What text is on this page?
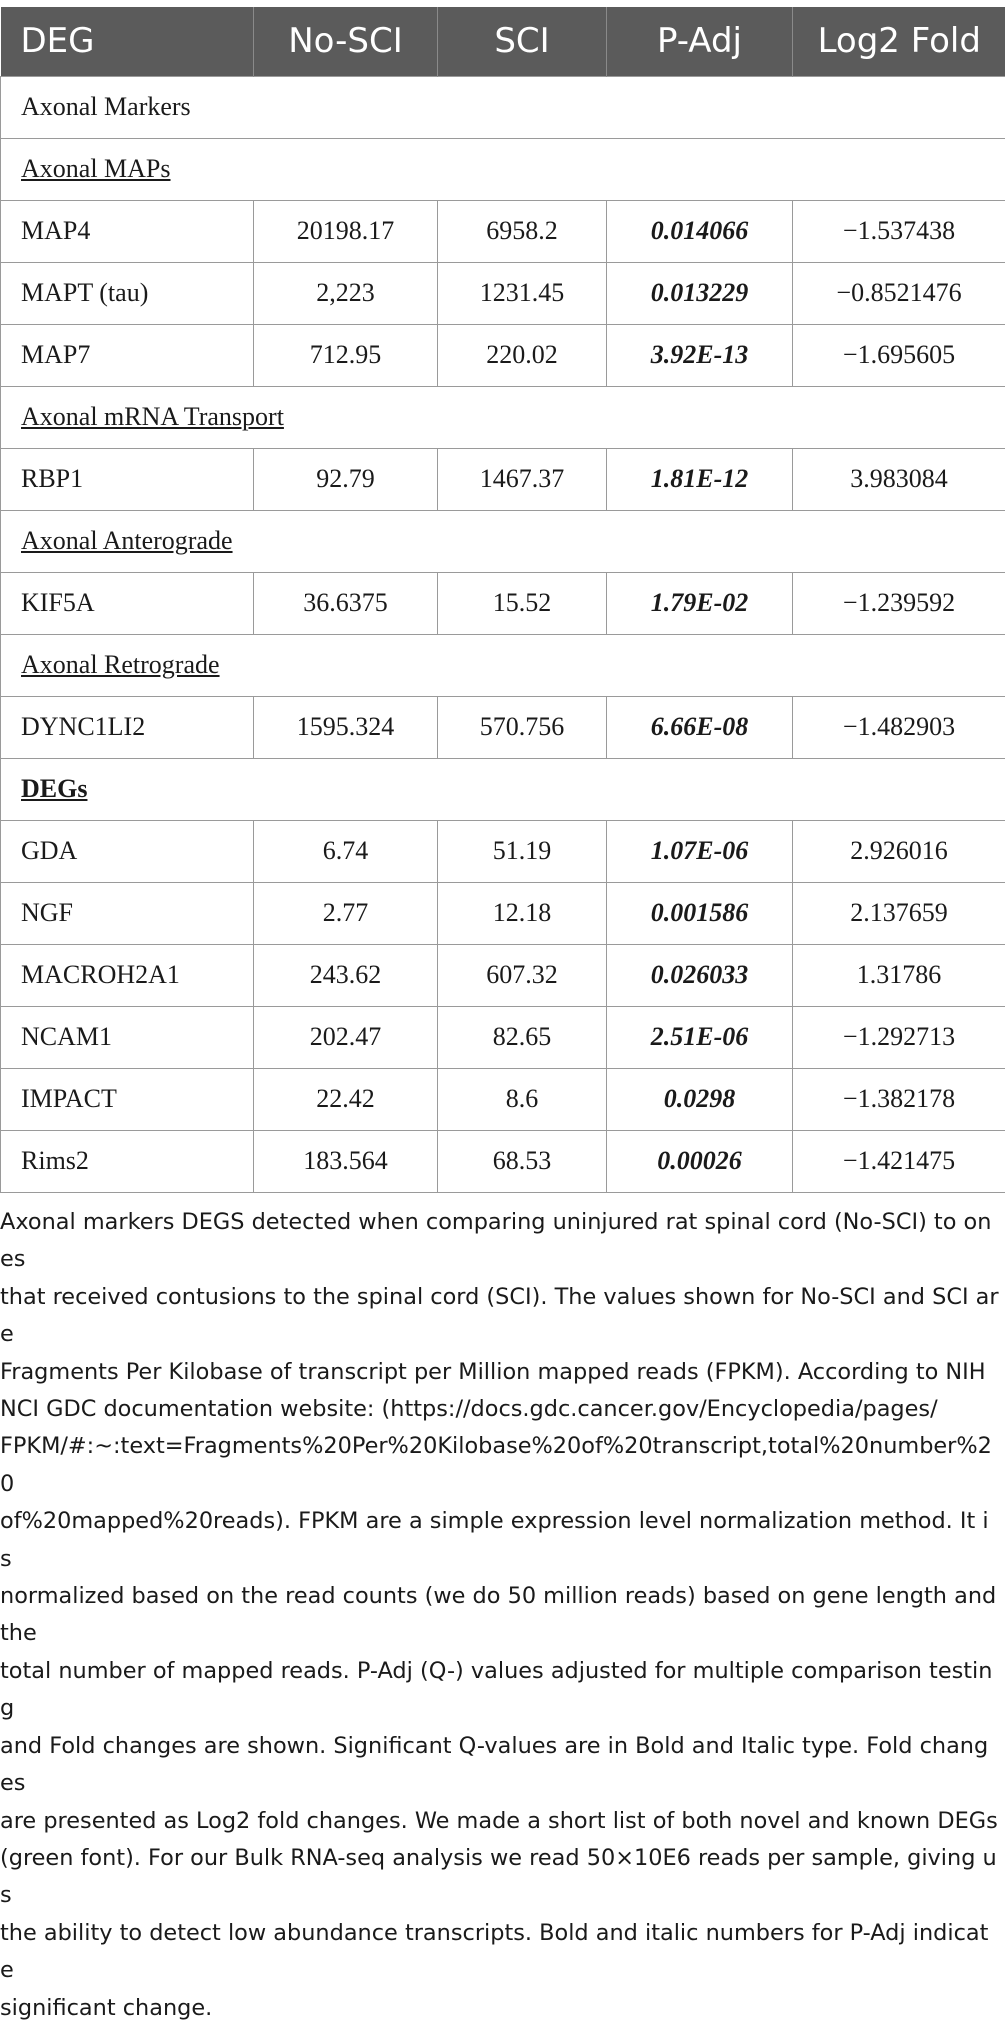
DEG	No-SCI	SCI	P-Adj	Log2 Fold
Axonal Markers				
Axonal MAPs				
MAP4	20198.17	6958.2	0.014066	−1.537438
MAPT (tau)	2,223	1231.45	0.013229	−0.8521476
MAP7	712.95	220.02	3.92E-13	−1.695605
Axonal mRNA Transport				
RBP1	92.79	1467.37	1.81E-12	3.983084
Axonal Anterograde				
KIF5A	36.6375	15.52	1.79E-02	−1.239592
Axonal Retrograde				
DYNC1LI2	1595.324	570.756	6.66E-08	−1.482903
DEGs				
GDA	6.74	51.19	1.07E-06	2.926016
NGF	2.77	12.18	0.001586	2.137659
MACROH2A1	243.62	607.32	0.026033	1.31786
NCAM1	202.47	82.65	2.51E-06	−1.292713
IMPACT	22.42	8.6	0.0298	−1.382178
Rims2	183.564	68.53	0.00026	−1.421475
Axonal markers DEGS detected when comparing uninjured rat spinal cord (No-SCI) to ones
that received contusions to the spinal cord (SCI). The values shown for No-SCI and SCI are
Fragments Per Kilobase of transcript per Million mapped reads (FPKM). According to NIH
NCI GDC documentation website: (https://docs.gdc.cancer.gov/Encyclopedia/pages/
FPKM/#:~:text=Fragments%20Per%20Kilobase%20of%20transcript,total%20number%20
of%20mapped%20reads). FPKM are a simple expression level normalization method. It is
normalized based on the read counts (we do 50 million reads) based on gene length and the
total number of mapped reads. P-Adj (Q-) values adjusted for multiple comparison testing
and Fold changes are shown. Significant Q-values are in Bold and Italic type. Fold changes
are presented as Log2 fold changes. We made a short list of both novel and known DEGs
(green font). For our Bulk RNA-seq analysis we read 50×10E6 reads per sample, giving us
the ability to detect low abundance transcripts. Bold and italic numbers for P-Adj indicate
significant change.
